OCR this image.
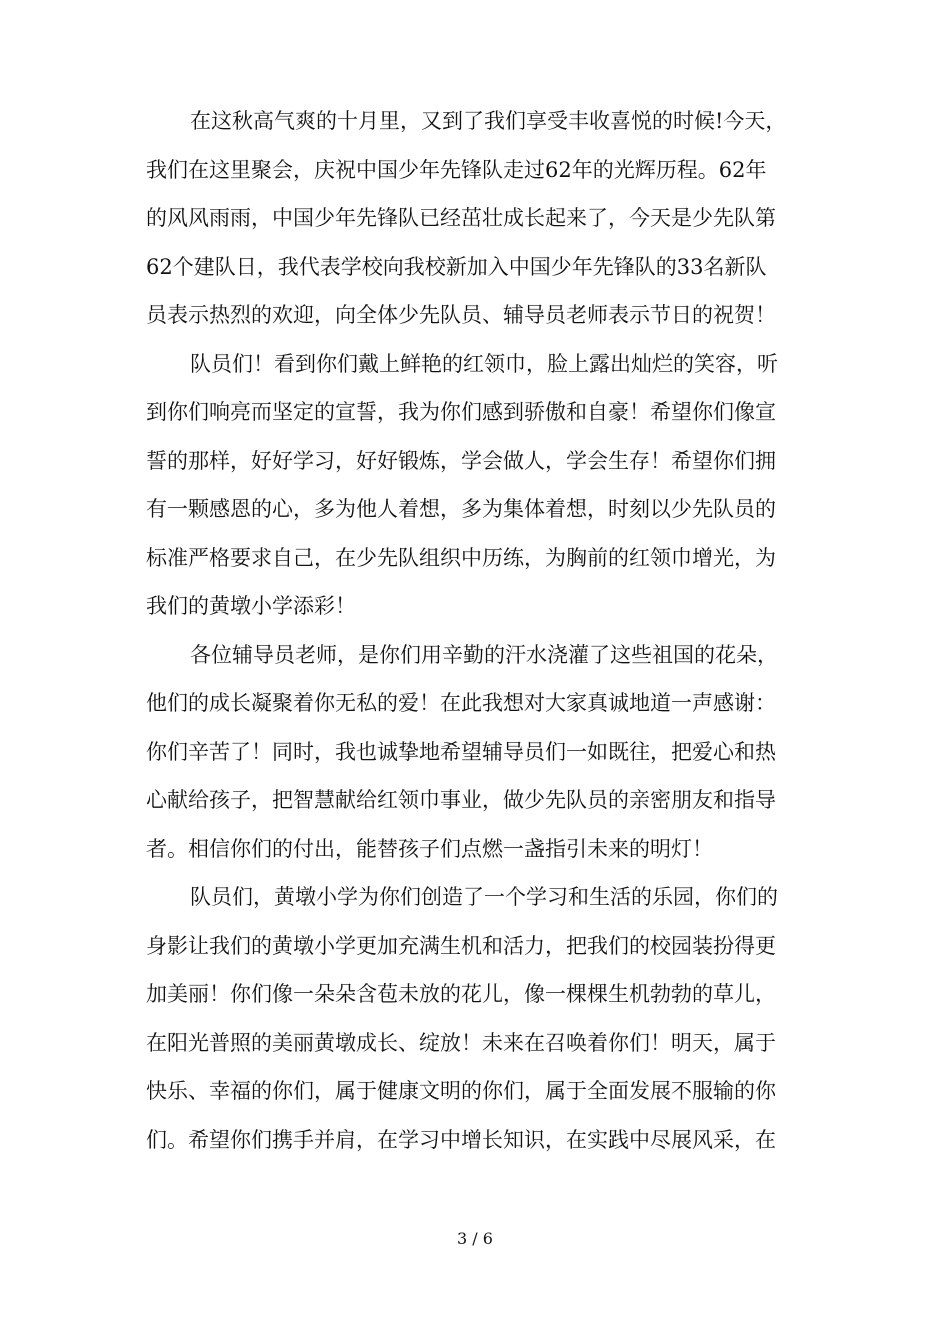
在这秋高气爽的十月里，又到了我们享受丰收喜悦的时候!今天，
我们在这里聚会，庆祝中国少年先锋队走过62年的光辉历程。62年
的风风雨雨，中国少年先锋队已经茁壮成长起来了，今天是少先队第
62个建队日，我代表学校向我校新加入中国少年先锋队的33名新队
员表示热烈的欢迎，向全体少先队员、辅导员老师表示节日的祝贺！
队员们！看到你们戴上鲜艳的红领巾，脸上露出灿烂的笑容，听
到你们响亮而坚定的宣誓，我为你们感到骄傲和自豪！希望你们像宣
誓的那样，好好学习，好好锻炼，学会做人，学会生存！希望你们拥
有一颗感恩的心，多为他人着想，多为集体着想，时刻以少先队员的
标准严格要求自己，在少先队组织中历练，为胸前的红领巾增光，为
我们的黄墩小学添彩！
各位辅导员老师，是你们用辛勤的汗水浇灌了这些祖国的花朵，
他们的成长凝聚着你无私的爱！在此我想对大家真诚地道一声感谢：
你们辛苦了！同时，我也诚挚地希望辅导员们一如既往，把爱心和热
心献给孩子，把智慧献给红领巾事业，做少先队员的亲密朋友和指导
者。相信你们的付出，能替孩子们点燃一盏指引未来的明灯！
队员们，黄墩小学为你们创造了一个学习和生活的乐园，你们的
身影让我们的黄墩小学更加充满生机和活力，把我们的校园装扮得更
加美丽！你们像一朵朵含苞未放的花儿，像一棵棵生机勃勃的草儿，
在阳光普照的美丽黄墩成长、绽放！未来在召唤着你们！明天，属于
快乐、幸福的你们，属于健康文明的你们，属于全面发展不服输的你
们。希望你们携手并肩，在学习中增长知识，在实践中尽展风采，在
3 / 6
